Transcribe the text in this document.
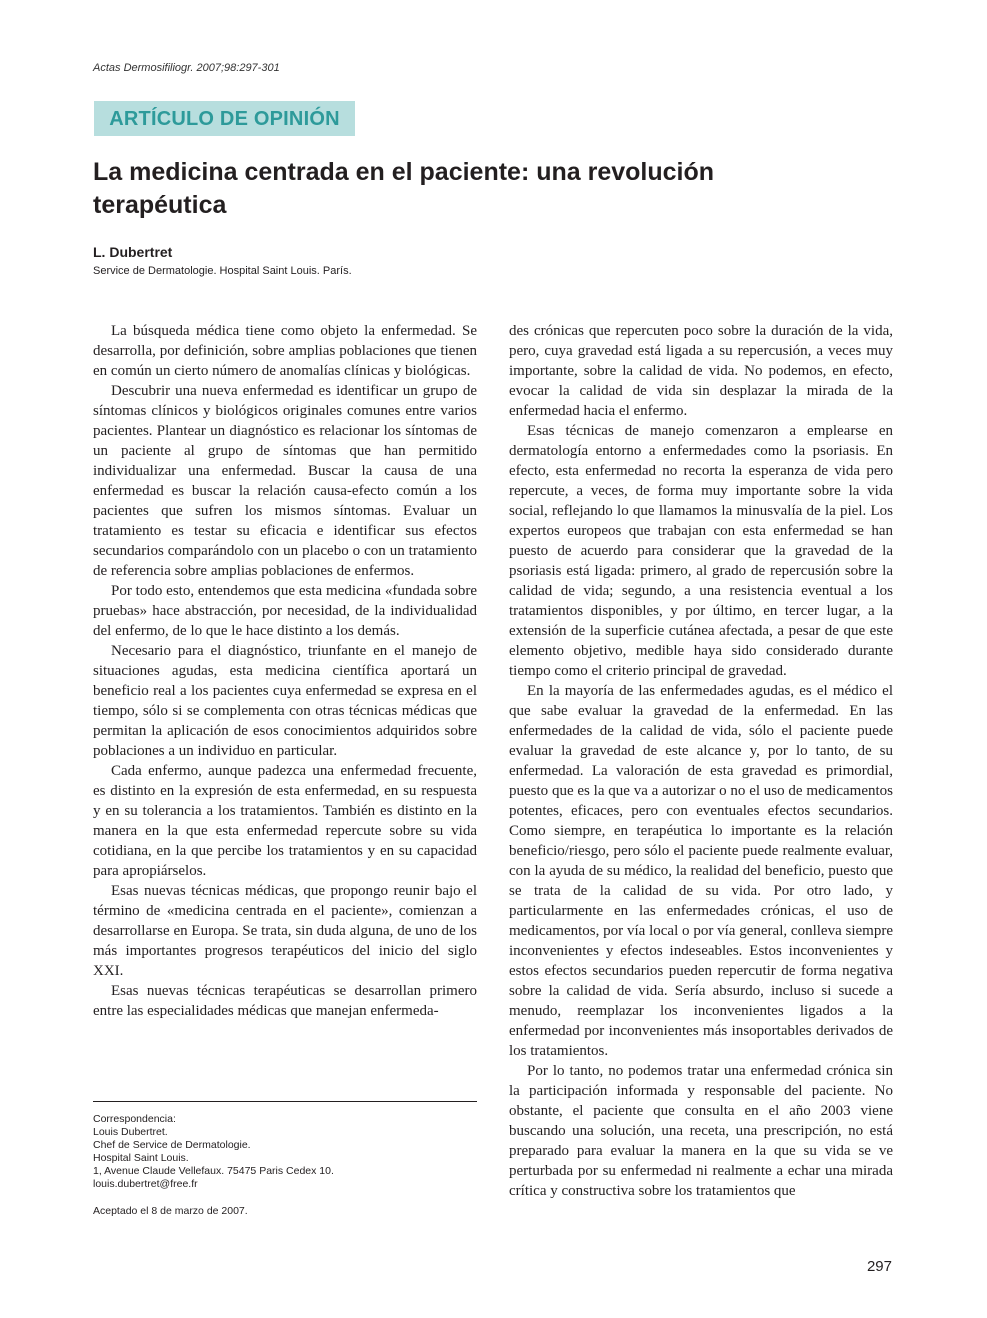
Actas Dermosifiliogr. 2007;98:297-301
ARTÍCULO DE OPINIÓN
La medicina centrada en el paciente: una revolución terapéutica
L. Dubertret
Service de Dermatologie. Hospital Saint Louis. París.

La búsqueda médica tiene como objeto la enfermedad. Se desarrolla, por definición, sobre amplias poblaciones que tienen en común un cierto número de anomalías clínicas y biológicas.

Descubrir una nueva enfermedad es identificar un grupo de síntomas clínicos y biológicos originales comunes entre varios pacientes. Plantear un diagnóstico es relacionar los síntomas de un paciente al grupo de síntomas que han permitido individualizar una enfermedad. Buscar la causa de una enfermedad es buscar la relación causa-efecto común a los pacientes que sufren los mismos síntomas. Evaluar un tratamiento es testar su eficacia e identificar sus efectos secundarios comparándolo con un placebo o con un tratamiento de referencia sobre amplias poblaciones de enfermos.

Por todo esto, entendemos que esta medicina «fundada sobre pruebas» hace abstracción, por necesidad, de la individualidad del enfermo, de lo que le hace distinto a los demás.

Necesario para el diagnóstico, triunfante en el manejo de situaciones agudas, esta medicina científica aportará un beneficio real a los pacientes cuya enfermedad se expresa en el tiempo, sólo si se complementa con otras técnicas médicas que permitan la aplicación de esos conocimientos adquiridos sobre poblaciones a un individuo en particular.

Cada enfermo, aunque padezca una enfermedad frecuente, es distinto en la expresión de esta enfermedad, en su respuesta y en su tolerancia a los tratamientos. También es distinto en la manera en la que esta enfermedad repercute sobre su vida cotidiana, en la que percibe los tratamientos y en su capacidad para apropiárselos.

Esas nuevas técnicas médicas, que propongo reunir bajo el término de «medicina centrada en el paciente», comienzan a desarrollarse en Europa. Se trata, sin duda alguna, de uno de los más importantes progresos terapéuticos del inicio del siglo XXI.

Esas nuevas técnicas terapéuticas se desarrollan primero entre las especialidades médicas que manejan enfermeda-

des crónicas que repercuten poco sobre la duración de la vida, pero, cuya gravedad está ligada a su repercusión, a veces muy importante, sobre la calidad de vida. No podemos, en efecto, evocar la calidad de vida sin desplazar la mirada de la enfermedad hacia el enfermo.

Esas técnicas de manejo comenzaron a emplearse en dermatología entorno a enfermedades como la psoriasis. En efecto, esta enfermedad no recorta la esperanza de vida pero repercute, a veces, de forma muy importante sobre la vida social, reflejando lo que llamamos la minusvalía de la piel. Los expertos europeos que trabajan con esta enfermedad se han puesto de acuerdo para considerar que la gravedad de la psoriasis está ligada: primero, al grado de repercusión sobre la calidad de vida; segundo, a una resistencia eventual a los tratamientos disponibles, y por último, en tercer lugar, a la extensión de la superficie cutánea afectada, a pesar de que este elemento objetivo, medible haya sido considerado durante tiempo como el criterio principal de gravedad.

En la mayoría de las enfermedades agudas, es el médico el que sabe evaluar la gravedad de la enfermedad. En las enfermedades de la calidad de vida, sólo el paciente puede evaluar la gravedad de este alcance y, por lo tanto, de su enfermedad. La valoración de esta gravedad es primordial, puesto que es la que va a autorizar o no el uso de medicamentos potentes, eficaces, pero con eventuales efectos secundarios. Como siempre, en terapéutica lo importante es la relación beneficio/riesgo, pero sólo el paciente puede realmente evaluar, con la ayuda de su médico, la realidad del beneficio, puesto que se trata de la calidad de su vida. Por otro lado, y particularmente en las enfermedades crónicas, el uso de medicamentos, por vía local o por vía general, conlleva siempre inconvenientes y efectos indeseables. Estos inconvenientes y estos efectos secundarios pueden repercutir de forma negativa sobre la calidad de vida. Sería absurdo, incluso si sucede a menudo, reemplazar los inconvenientes ligados a la enfermedad por inconvenientes más insoportables derivados de los tratamientos.

Por lo tanto, no podemos tratar una enfermedad crónica sin la participación informada y responsable del paciente. No obstante, el paciente que consulta en el año 2003 viene buscando una solución, una receta, una prescripción, no está preparado para evaluar la manera en la que su vida se ve perturbada por su enfermedad ni realmente a echar una mirada crítica y constructiva sobre los tratamientos que

Correspondencia:
Louis Dubertret.
Chef de Service de Dermatologie.
Hospital Saint Louis.
1, Avenue Claude Vellefaux. 75475 Paris Cedex 10.
louis.dubertret@free.fr
Aceptado el 8 de marzo de 2007.
297
